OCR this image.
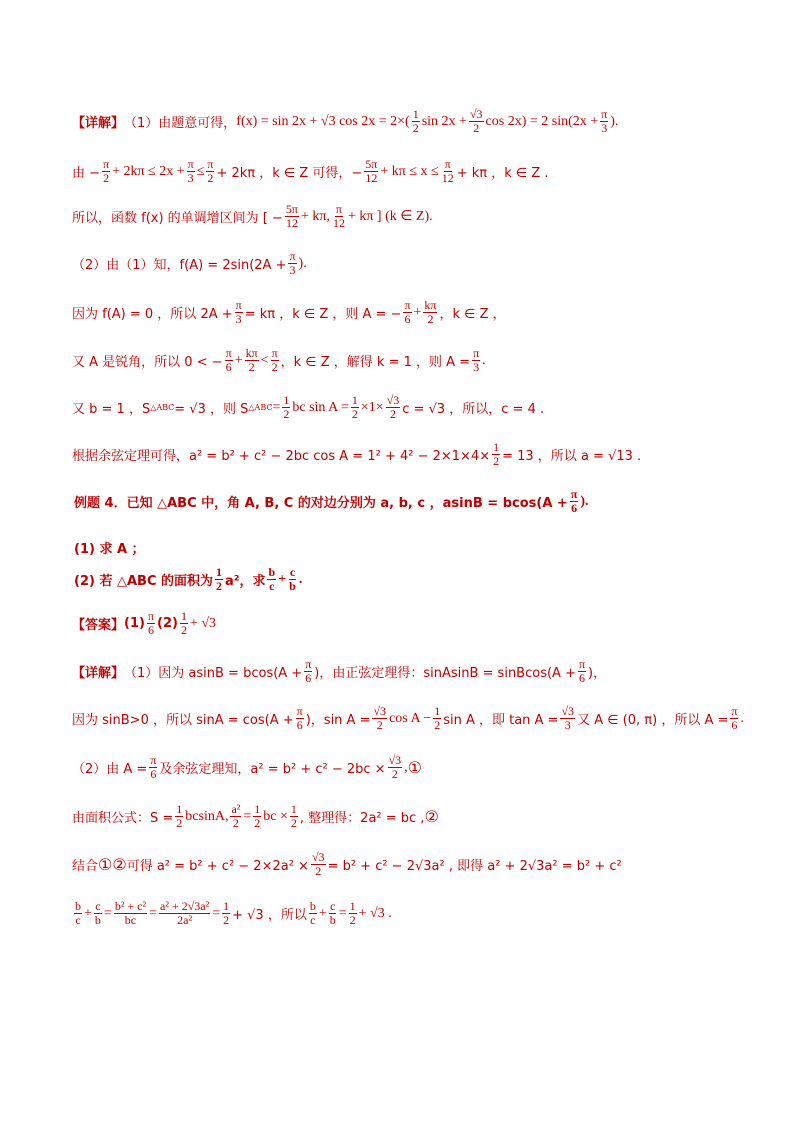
【详解】 （1）由题意可得， f(x) = sin 2x + √3 $\cos 2x = 2\times( \frac{1}{2}$ $\sin 2x + \frac{√3}{2}$ cos 2x) = 2 $\sin(2x + \frac{\pi}{3}$ ).
由 − $\frac{\pi}{2} + 2k\pi \le 2x + \frac{\pi}{3} \le \frac{\pi}{2} + 2k\pi$ ，k ∈ Z 可得，− $\frac{5\pi}{12} + k\pi \le x \le \frac{\pi}{12} + k\pi$ ，k ∈ Z .
所以，函数 f(x) 的单调增区间为 [ − $\frac{5\pi}{12} + k\pi$, $\frac{\pi}{12} + k\pi$ ] (k ∈ Z).
（2）由（1）知，$f(A) = 2\sin(2A + \frac{\pi}{3}$ ).
因为 f(A) = 0 ，所以 $2A + \frac{\pi}{3} = k\pi$ ，k ∈ Z ，则 A = − $\frac{\pi}{6} + \frac{k\pi}{2}$ ，k ∈ Z ，
又 A 是锐角，所以 0 < − $\frac{\pi}{6} + \frac{k\pi}{2} < \frac{\pi}{2}$ ，k ∈ Z ，解得 k = 1 ，则 $A = \frac{\pi}{3}$ .
又 b = 1 ，S △ABC = √3 ，则 S △ABC = $\frac{1}{2}$ bc $\sin A = \frac{1}{2} \times 1\times \frac{√3}{2}$ c = √3 ，所以，c = 4 .
根据余弦定理可得，a² = b² + c² − 2bc $\cos A = 1^2 + 4^2 - 2\times 1\times 4\times \frac{1}{2} = 13$ ，所以 a = √13 .
例题 4．已知 △ABC 中，角 A, B, C 的对边分别为 a, b, c ，$asinB = bcos(A + \frac{\pi}{6}$ ).
(1) 求 A ；
(2) 若 △ABC 的面积为 $\frac{1}{2} a^2$，求 $\frac{b}{c} + \frac{c}{b}$ .
【答案】 $(1) \frac{\pi}{6} (2) \frac{1}{2} + √3$
【详解】 （1）因为 $asinB = bcos(A + \frac{\pi}{6}$ )，由正弦定理得：sinAsinB = sinBcos(A + $\frac{\pi}{6}$ )，
因为 sinB>0 ，所以 $\sin A = \cos(A + \frac{\pi}{6}$ )，$\sin A = \frac{√3}{2}$ $\cos A - \frac{1}{2}$ sin A ，即 $\tan A = \frac{√3}{3}$ 又 A ∈ (0, π) ，所以 $A = \frac{\pi}{6}$ .
（2）由 $A = \frac{\pi}{6}$ 及余弦定理知，$a^2 = b^2 + c^2 - 2bc \times \frac{√3}{2}$ , ①
由面积公式：$S = \frac{1}{2} bcsinA$, $\frac{\text{a²}}{2} = \frac{1}{2}$ bc × $\frac{1}{2}$ , 整理得：2a² = bc , ②
结合 ①② 可得 $a^2 = b^2 + c^2 - 2\times 2a^2 \times \frac{√3}{2} = b^2 + c^2 - 2√3a^2$ , 即得 a² + 2√3a² = b² + c²
$\frac{b}{c} + \frac{c}{b} = \frac{\text{b² + c²}}{bc} = \frac{\text{a² + 2√3a²}}{\text{2a²}} = \frac{1}{2} + √3$ ，所以 $\frac{b}{c} + \frac{c}{b} = \frac{1}{2} + √3$ .
